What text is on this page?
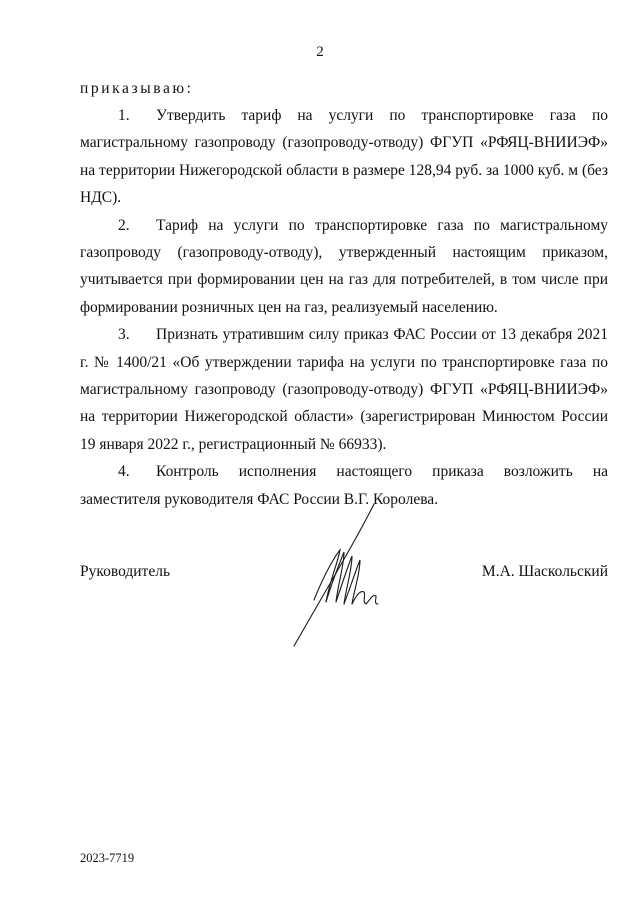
2
приказываю:

1. Утвердить тариф на услуги по транспортировке газа по магистральному газопроводу (газопроводу-отводу) ФГУП «РФЯЦ-ВНИИЭФ» на территории Нижегородской области в размере 128,94 руб. за 1000 куб. м (без НДС).

2. Тариф на услуги по транспортировке газа по магистральному газопроводу (газопроводу-отводу), утвержденный настоящим приказом, учитывается при формировании цен на газ для потребителей, в том числе при формировании розничных цен на газ, реализуемый населению.

3. Признать утратившим силу приказ ФАС России от 13 декабря 2021 г. № 1400/21 «Об утверждении тарифа на услуги по транспортировке газа по магистральному газопроводу (газопроводу-отводу) ФГУП «РФЯЦ-ВНИИЭФ» на территории Нижегородской области» (зарегистрирован Минюстом России 19 января 2022 г., регистрационный № 66933).

4. Контроль исполнения настоящего приказа возложить на заместителя руководителя ФАС России В.Г. Королева.

Руководитель	М.А. Шаскольский
2023-7719
